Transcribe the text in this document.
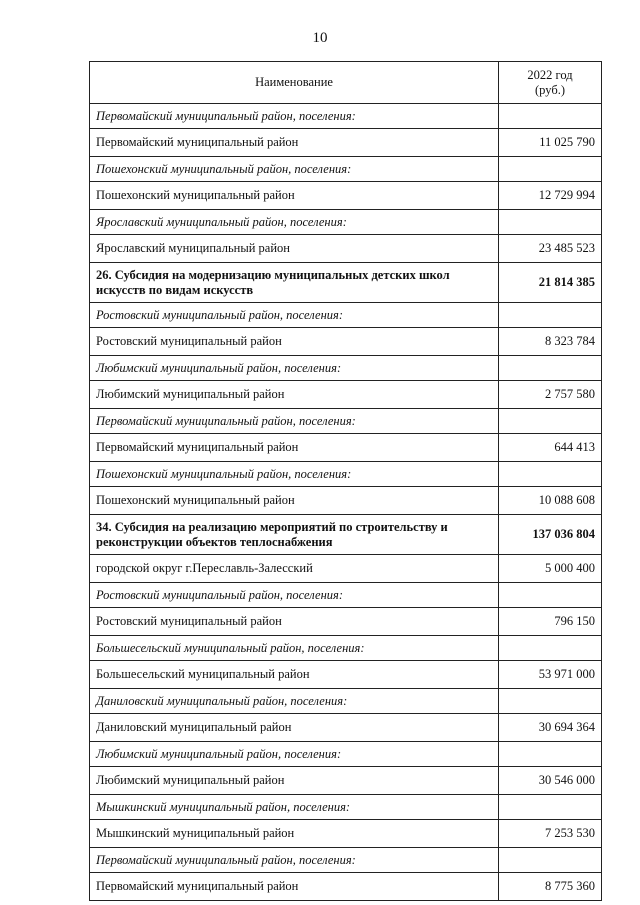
10
Наименование	2022 год
(руб.)
Первомайский муниципальный район, поселения:	
Первомайский муниципальный район	11 025 790
Пошехонский муниципальный район, поселения:	
Пошехонский муниципальный район	12 729 994
Ярославский муниципальный район, поселения:	
Ярославский муниципальный район	23 485 523
26. Субсидия на модернизацию муниципальных детских школ искусств по видам искусств	21 814 385
Ростовский муниципальный район, поселения:	
Ростовский муниципальный район	8 323 784
Любимский муниципальный район, поселения:	
Любимский муниципальный район	2 757 580
Первомайский муниципальный район, поселения:	
Первомайский муниципальный район	644 413
Пошехонский муниципальный район, поселения:	
Пошехонский муниципальный район	10 088 608
34. Субсидия на реализацию мероприятий по строительству и реконструкции объектов теплоснабжения	137 036 804
городской округ г.Переславль-Залесский	5 000 400
Ростовский муниципальный район, поселения:	
Ростовский муниципальный район	796 150
Большесельский муниципальный район, поселения:	
Большесельский муниципальный район	53 971 000
Даниловский муниципальный район, поселения:	
Даниловский муниципальный район	30 694 364
Любимский муниципальный район, поселения:	
Любимский муниципальный район	30 546 000
Мышкинский муниципальный район, поселения:	
Мышкинский муниципальный район	7 253 530
Первомайский муниципальный район, поселения:	
Первомайский муниципальный район	8 775 360
